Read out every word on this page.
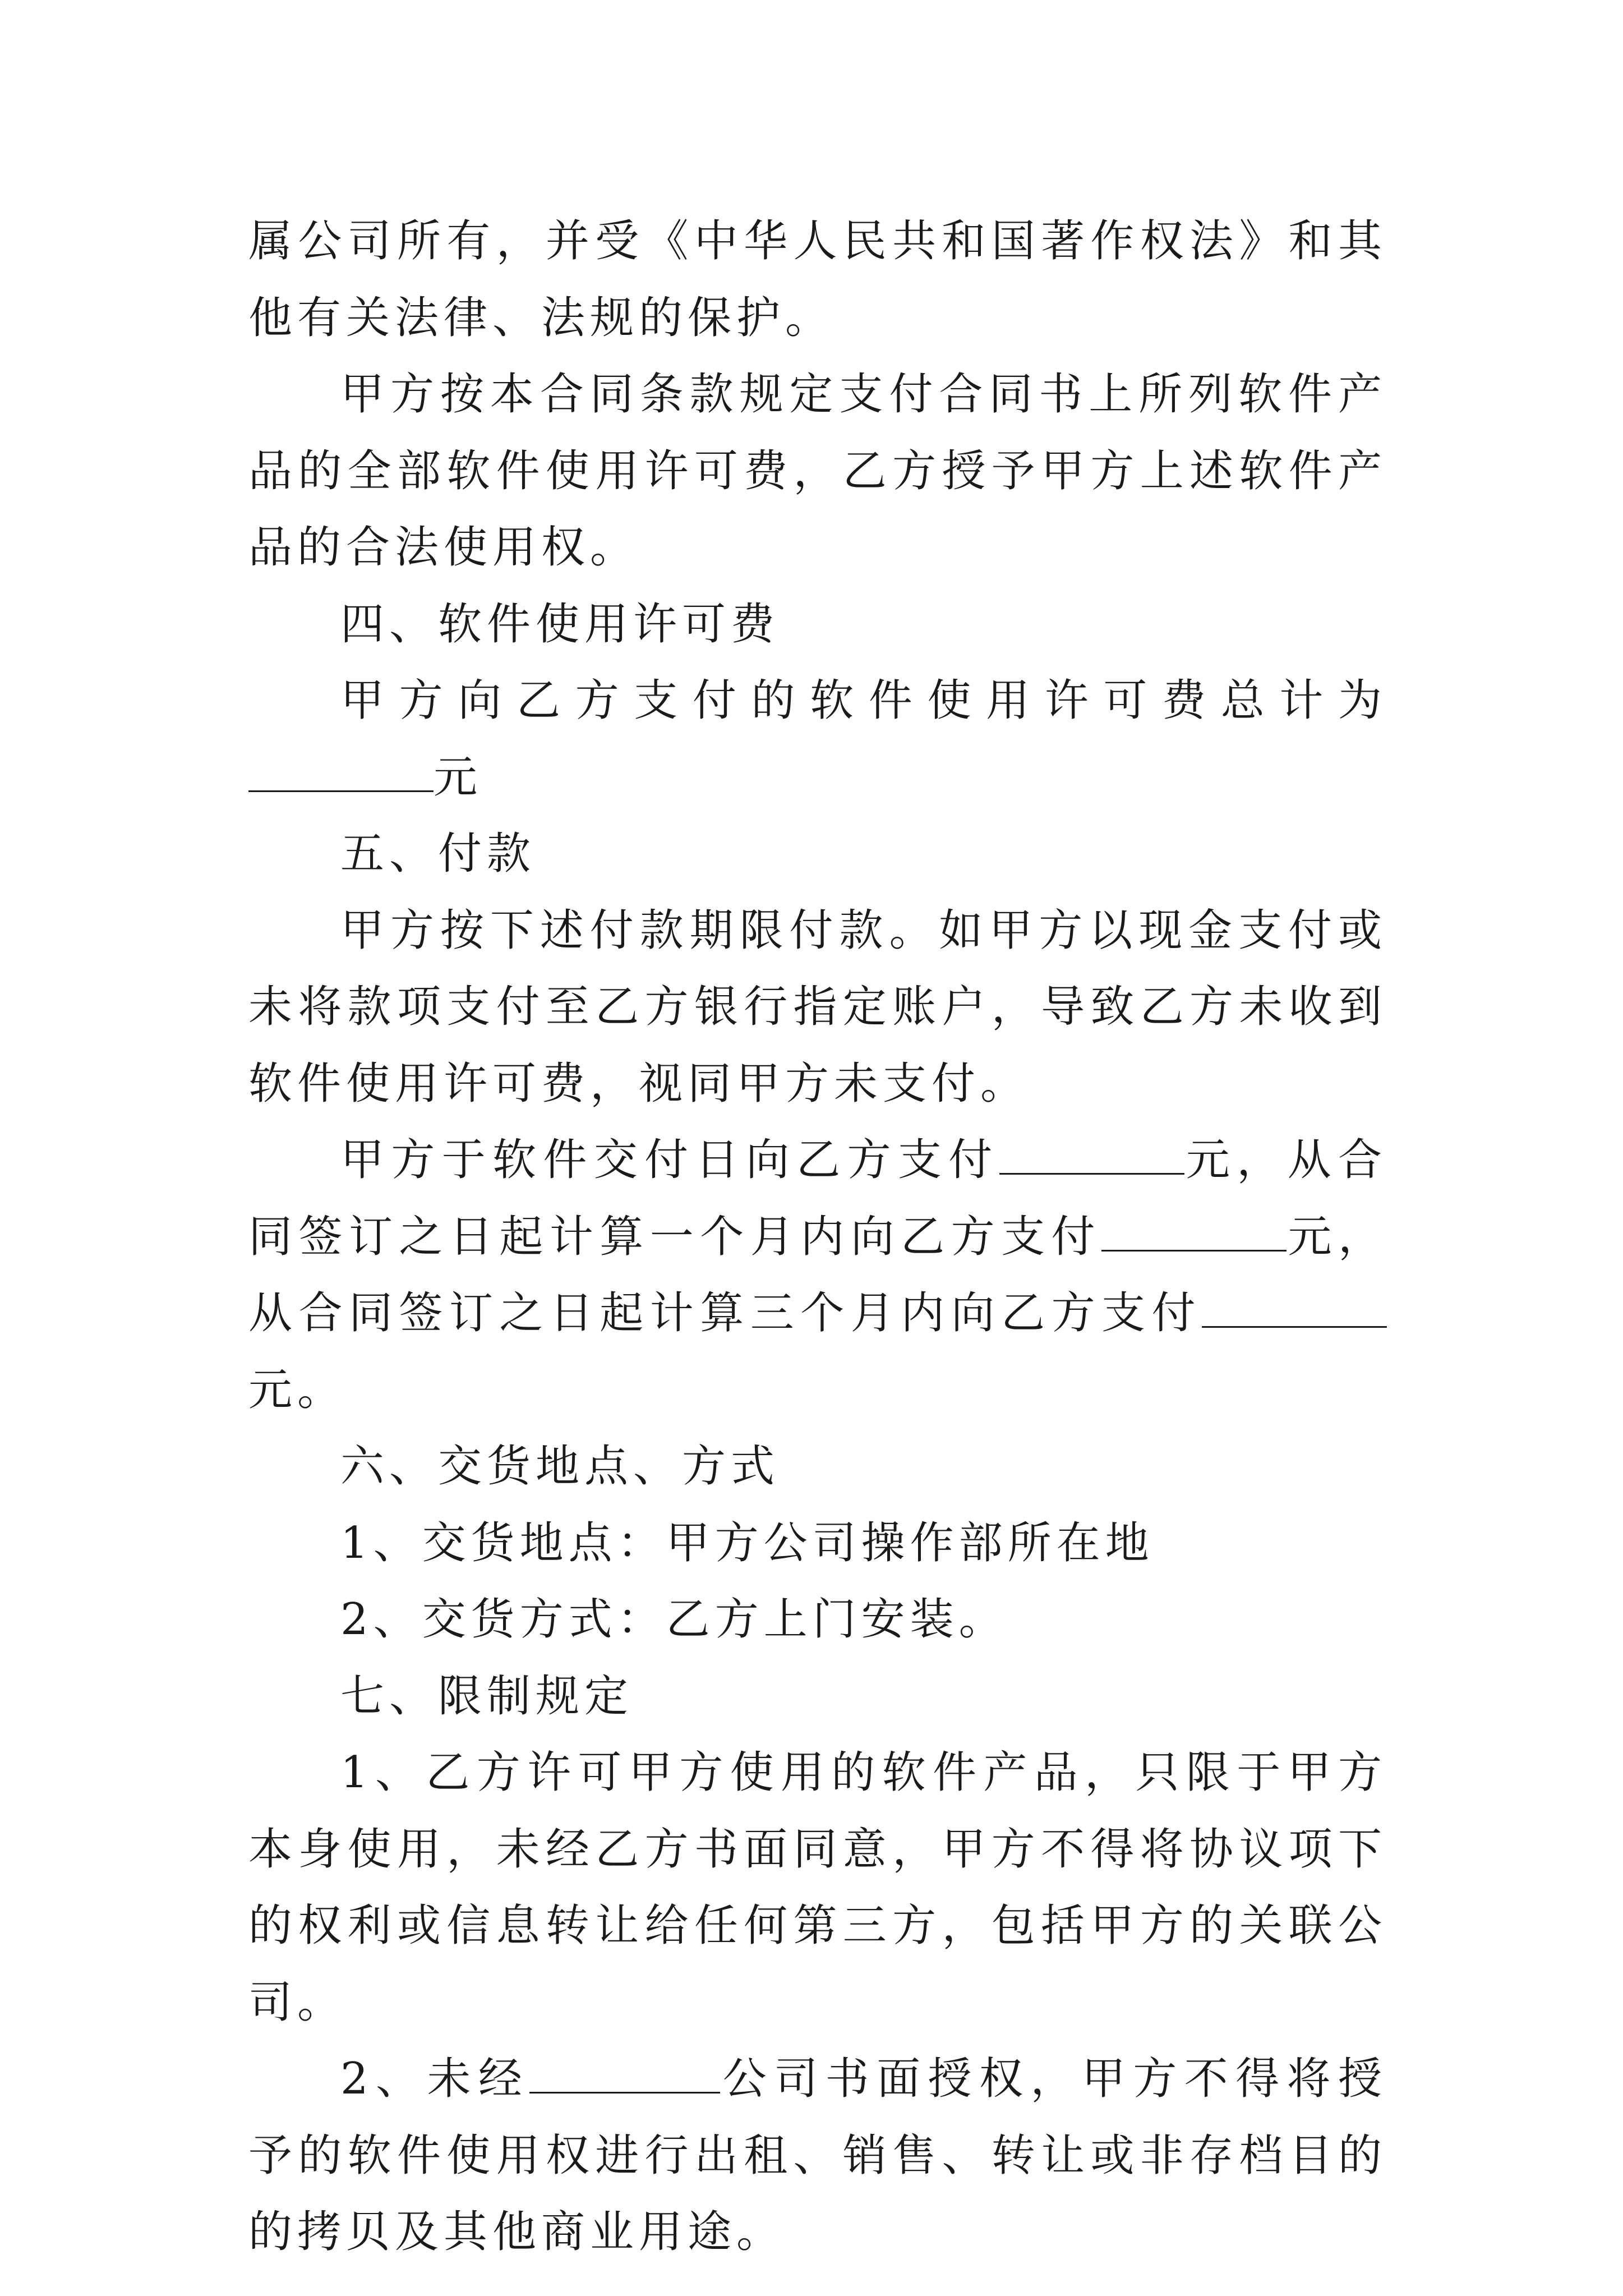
属公司所有，并受《中华人民共和国著作权法》和其他有关法律、法规的保护。

甲方按本合同条款规定支付合同书上所列软件产品的全部软件使用许可费，乙方授予甲方上述软件产品的合法使用权。

四、软件使用许可费

甲方向乙方支付的软件使用许可费总计为元

五、付款

甲方按下述付款期限付款。如甲方以现金支付或未将款项支付至乙方银行指定账户，导致乙方未收到软件使用许可费，视同甲方未支付。

甲方于软件交付日向乙方支付	元，从合同签订之日起计算一个月内向乙方支付	元，从合同签订之日起计算三个月内向乙方支付元。

六、交货地点、方式

1、交货地点：甲方公司操作部所在地

2、交货方式：乙方上门安装。

七、限制规定

1、乙方许可甲方使用的软件产品，只限于甲方本身使用，未经乙方书面同意，甲方不得将协议项下的权利或信息转让给任何第三方，包括甲方的关联公司。

2、未经	公司书面授权，甲方不得将授予的软件使用权进行出租、销售、转让或非存档目的的拷贝及其他商业用途。
